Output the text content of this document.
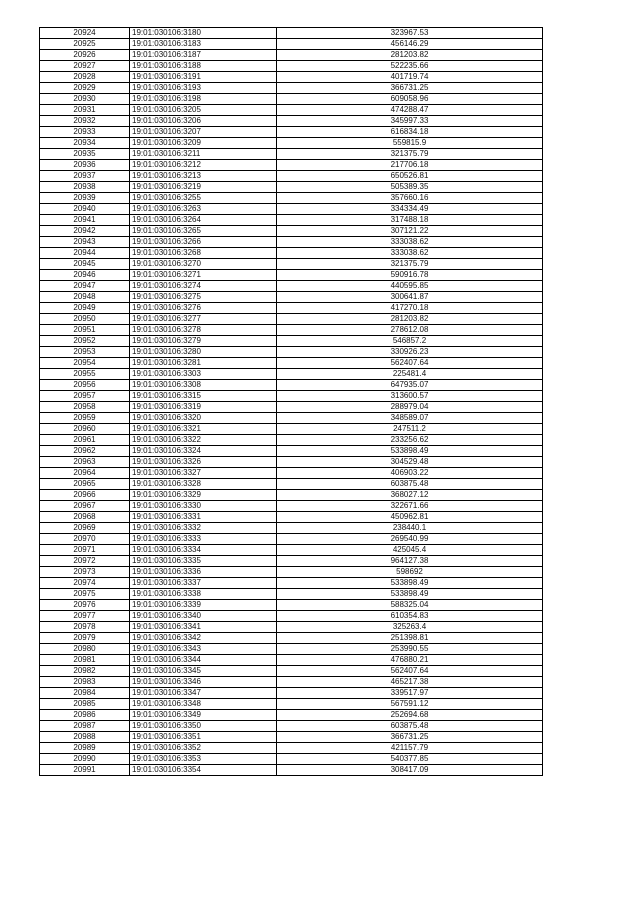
20924	19:01:030106:3180	323967.53
20925	19:01:030106:3183	456146.29
20926	19:01:030106:3187	281203.82
20927	19:01:030106:3188	522235.66
20928	19:01:030106:3191	401719.74
20929	19:01:030106:3193	366731.25
20930	19:01:030106:3198	609058.96
20931	19:01:030106:3205	474288.47
20932	19:01:030106:3206	345997.33
20933	19:01:030106:3207	616834.18
20934	19:01:030106:3209	559815.9
20935	19:01:030106:3211	321375.79
20936	19:01:030106:3212	217706.18
20937	19:01:030106:3213	650526.81
20938	19:01:030106:3219	505389.35
20939	19:01:030106:3255	357660.16
20940	19:01:030106:3263	334334.49
20941	19:01:030106:3264	317488.18
20942	19:01:030106:3265	307121.22
20943	19:01:030106:3266	333038.62
20944	19:01:030106:3268	333038.62
20945	19:01:030106:3270	321375.79
20946	19:01:030106:3271	590916.78
20947	19:01:030106:3274	440595.85
20948	19:01:030106:3275	300641.87
20949	19:01:030106:3276	417270.18
20950	19:01:030106:3277	281203.82
20951	19:01:030106:3278	278612.08
20952	19:01:030106:3279	546857.2
20953	19:01:030106:3280	330926.23
20954	19:01:030106:3281	562407.64
20955	19:01:030106:3303	225481.4
20956	19:01:030106:3308	647935.07
20957	19:01:030106:3315	313600.57
20958	19:01:030106:3319	288979.04
20959	19:01:030106:3320	348589.07
20960	19:01:030106:3321	247511.2
20961	19:01:030106:3322	233256.62
20962	19:01:030106:3324	533898.49
20963	19:01:030106:3326	304529.48
20964	19:01:030106:3327	406903.22
20965	19:01:030106:3328	603875.48
20966	19:01:030106:3329	368027.12
20967	19:01:030106:3330	322671.66
20968	19:01:030106:3331	450962.81
20969	19:01:030106:3332	238440.1
20970	19:01:030106:3333	269540.99
20971	19:01:030106:3334	425045.4
20972	19:01:030106:3335	964127.38
20973	19:01:030106:3336	598692
20974	19:01:030106:3337	533898.49
20975	19:01:030106:3338	533898.49
20976	19:01:030106:3339	588325.04
20977	19:01:030106:3340	610354.83
20978	19:01:030106:3341	325263.4
20979	19:01:030106:3342	251398.81
20980	19:01:030106:3343	253990.55
20981	19:01:030106:3344	476880.21
20982	19:01:030106:3345	562407.64
20983	19:01:030106:3346	465217.38
20984	19:01:030106:3347	339517.97
20985	19:01:030106:3348	567591.12
20986	19:01:030106:3349	252694.68
20987	19:01:030106:3350	603875.48
20988	19:01:030106:3351	366731.25
20989	19:01:030106:3352	421157.79
20990	19:01:030106:3353	540377.85
20991	19:01:030106:3354	308417.09
